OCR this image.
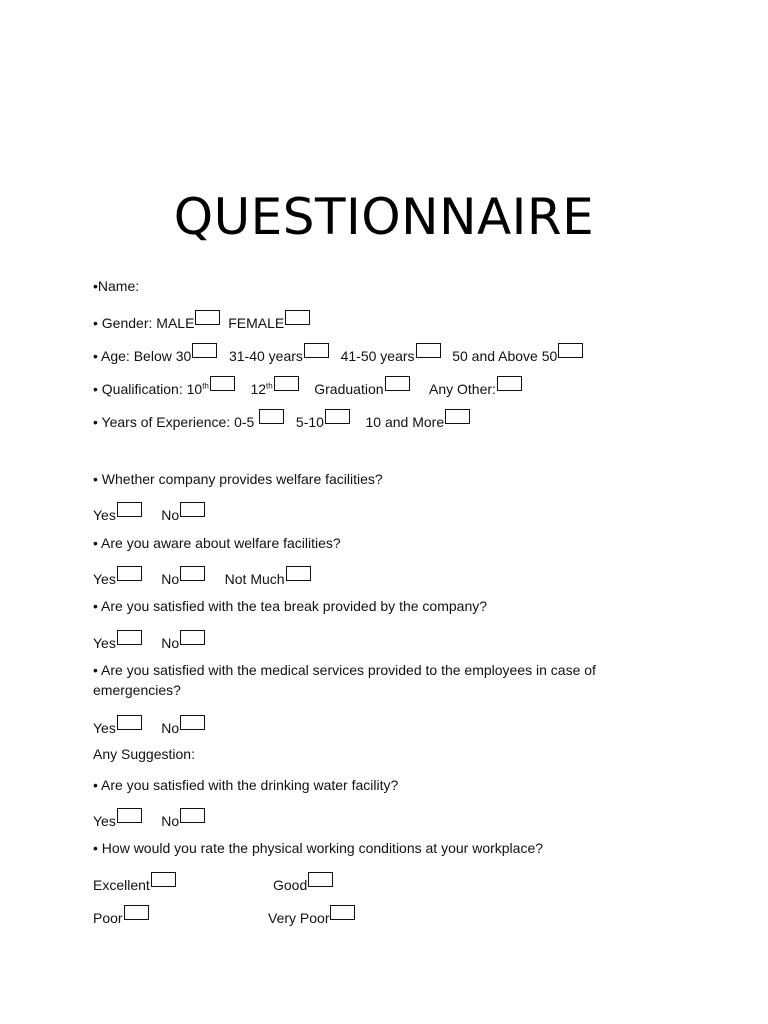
QUESTIONNAIRE
•Name:
• Gender: MALE FEMALE
• Age: Below 30	31-40 years	41-50 years	50 and Above 50
• Qualification: 10th	12th	Graduation	Any Other:
• Years of Experience: 0-5	5-10	10 and More
• Whether company provides welfare facilities?
Yes	No
• Are you aware about welfare facilities?
Yes	No	Not Much
• Are you satisfied with the tea break provided by the company?
Yes	No
• Are you satisfied with the medical services provided to the employees in case of emergencies?
Yes	No
Any Suggestion:
• Are you satisfied with the drinking water facility?
Yes	No
• How would you rate the physical working conditions at your workplace?
Excellent	Good
Poor	Very Poor
